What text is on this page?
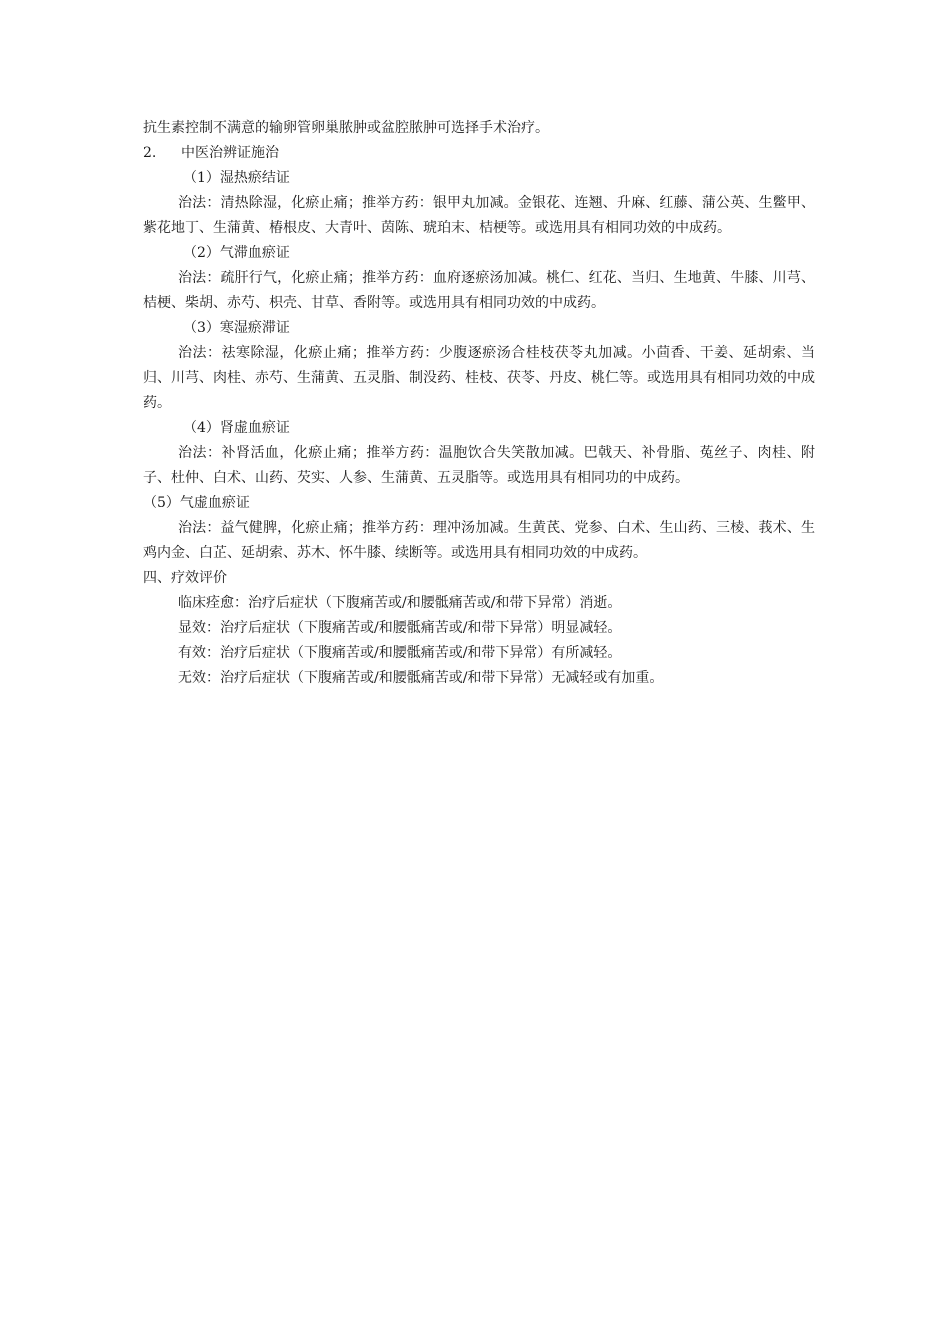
抗生素控制不满意的输卵管卵巢脓肿或盆腔脓肿可选择手术治疗。
2. 中医治辨证施治
（1）湿热瘀结证

治法：清热除湿，化瘀止痛；推举方药：银甲丸加减。金银花、连翘、升麻、红藤、蒲公英、生鳖甲、紫花地丁、生蒲黄、椿根皮、大青叶、茵陈、琥珀末、桔梗等。或选用具有相同功效的中成药。

（2）气滞血瘀证

治法：疏肝行气，化瘀止痛；推举方药：血府逐瘀汤加减。桃仁、红花、当归、生地黄、牛膝、川芎、桔梗、柴胡、赤芍、枳壳、甘草、香附等。或选用具有相同功效的中成药。

（3）寒湿瘀滞证

治法：祛寒除湿，化瘀止痛；推举方药：少腹逐瘀汤合桂枝茯苓丸加减。小茴香、干姜、延胡索、当归、川芎、肉桂、赤芍、生蒲黄、五灵脂、制没药、桂枝、茯苓、丹皮、桃仁等。或选用具有相同功效的中成药。

（4）肾虚血瘀证

治法：补肾活血，化瘀止痛；推举方药：温胞饮合失笑散加减。巴戟天、补骨脂、菟丝子、肉桂、附子、杜仲、白术、山药、芡实、人参、生蒲黄、五灵脂等。或选用具有相同功的中成药。

（5）气虚血瘀证

治法：益气健脾，化瘀止痛；推举方药：理冲汤加减。生黄芪、党参、白术、生山药、三棱、莪术、生鸡内金、白芷、延胡索、苏木、怀牛膝、续断等。或选用具有相同功效的中成药。

四、疗效评价
临床痊愈：治疗后症状（下腹痛苦或/和腰骶痛苦或/和带下异常）消逝。
显效：治疗后症状（下腹痛苦或/和腰骶痛苦或/和带下异常）明显减轻。
有效：治疗后症状（下腹痛苦或/和腰骶痛苦或/和带下异常）有所减轻。
无效：治疗后症状（下腹痛苦或/和腰骶痛苦或/和带下异常）无减轻或有加重。
